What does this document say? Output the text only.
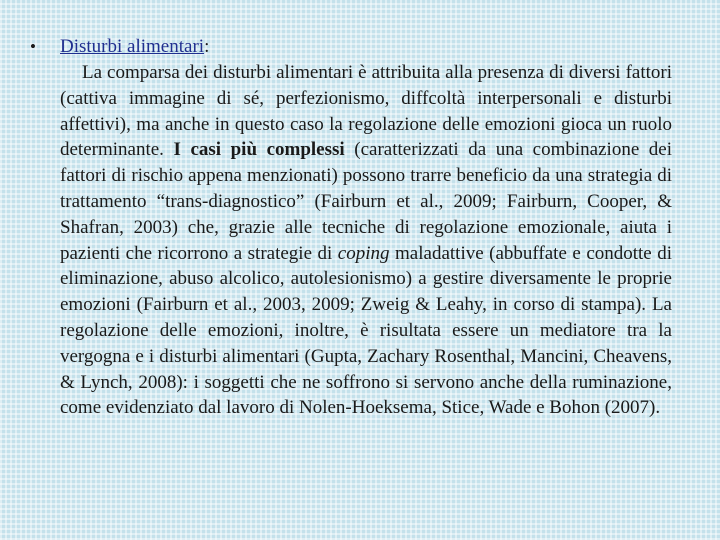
• Disturbi alimentari:
La comparsa dei disturbi alimentari è attribuita alla presenza di diversi fattori (cattiva immagine di sé, perfezionismo, diffcoltà interpersonali e disturbi affettivi), ma anche in questo caso la regolazione delle emozioni gioca un ruolo determinante. I casi più complessi (caratterizzati da una combinazione dei fattori di rischio appena menzionati) possono trarre beneficio da una strategia di trattamento “trans-diagnostico” (Fairburn et al., 2009; Fairburn, Cooper, & Shafran, 2003) che, grazie alle tecniche di regolazione emozionale, aiuta i pazienti che ricorrono a strategie di coping maladattive (abbuffate e condotte di eliminazione, abuso alcolico, autolesionismo) a gestire diversamente le proprie emozioni (Fairburn et al., 2003, 2009; Zweig & Leahy, in corso di stampa). La regolazione delle emozioni, inoltre, è risultata essere un mediatore tra la vergogna e i disturbi alimentari (Gupta, Zachary Rosenthal, Mancini, Cheavens, & Lynch, 2008): i soggetti che ne soffrono si servono anche della ruminazione, come evidenziato dal lavoro di Nolen-Hoeksema, Stice, Wade e Bohon (2007).
